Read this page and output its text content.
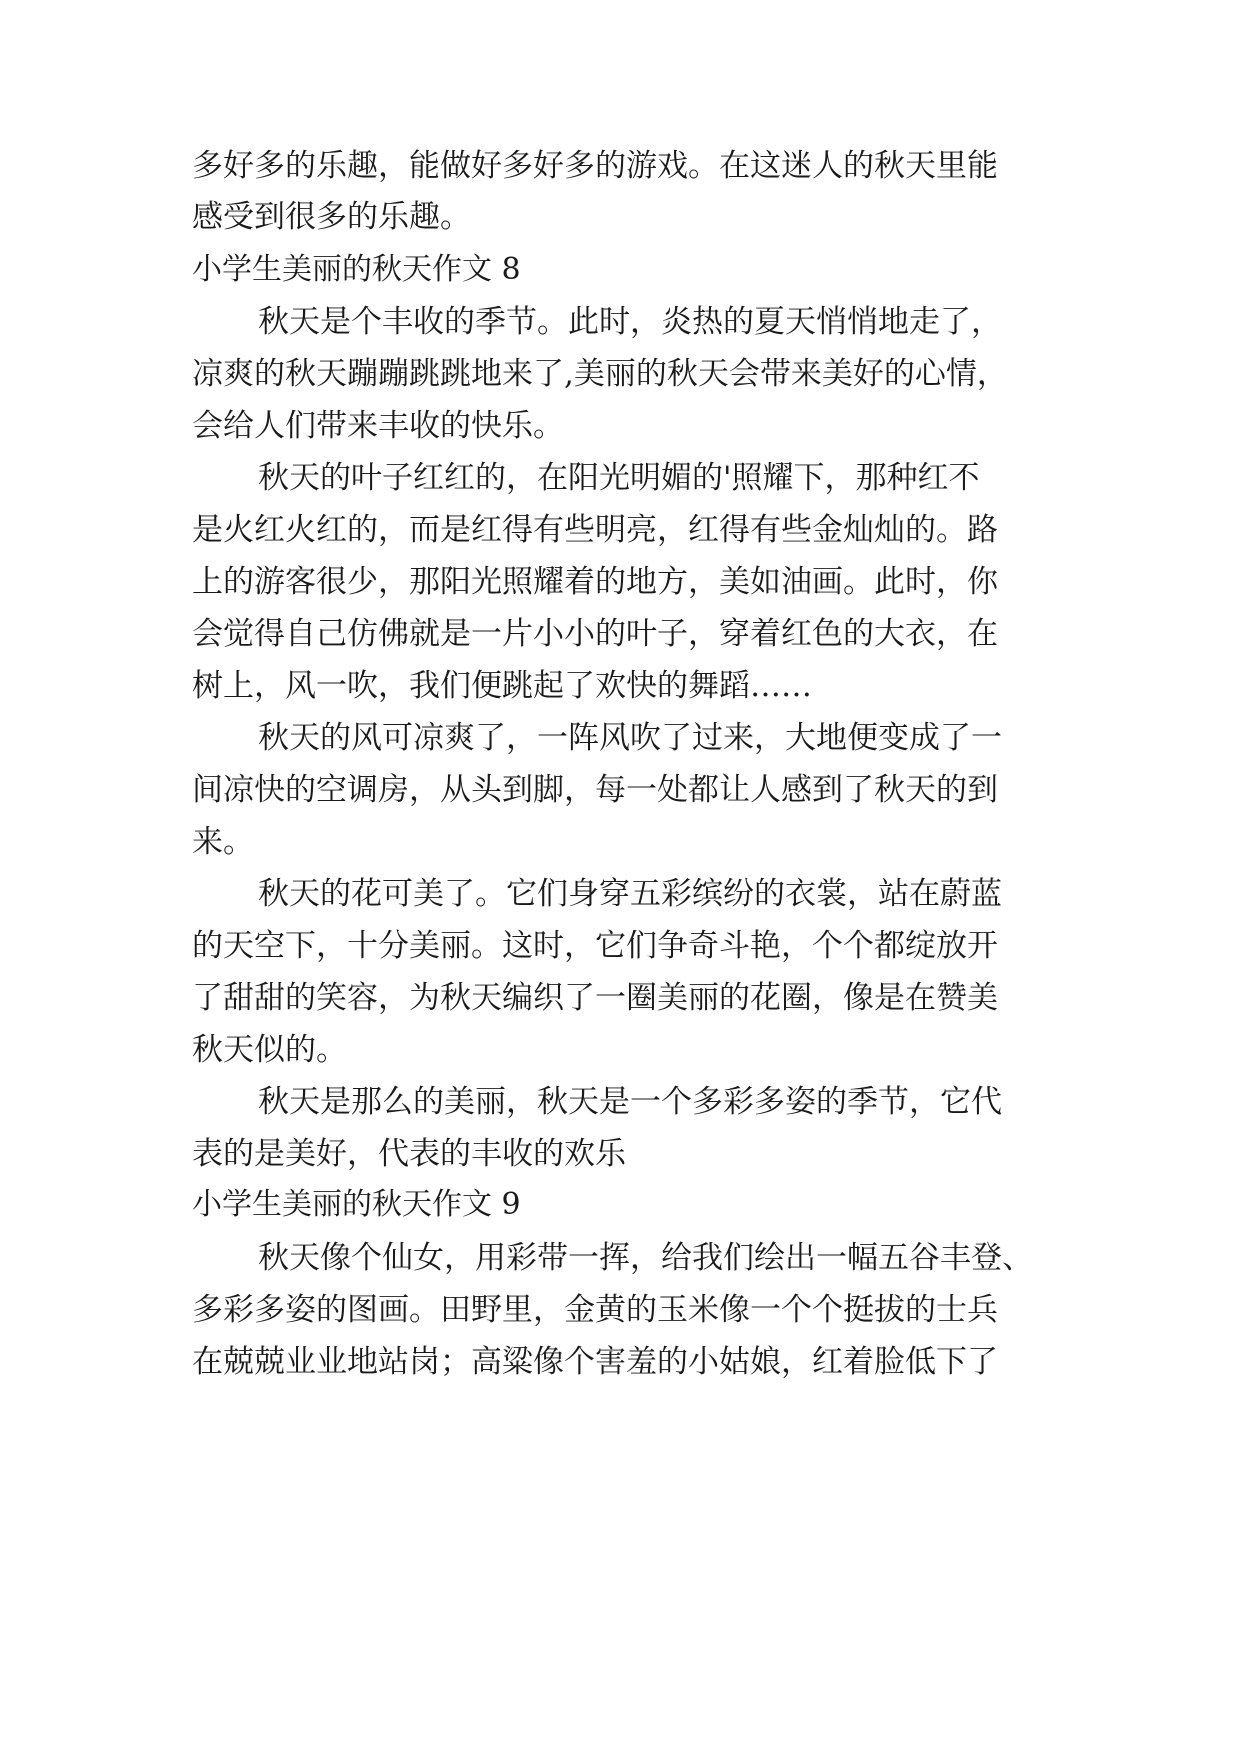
多好多的乐趣，能做好多好多的游戏。在这迷人的秋天里能
感受到很多的乐趣。
小学生美丽的秋天作文 8
秋天是个丰收的季节。此时，炎热的夏天悄悄地走了，
凉爽的秋天蹦蹦跳跳地来了,美丽的秋天会带来美好的心情，
会给人们带来丰收的快乐。
秋天的叶子红红的，在阳光明媚的'照耀下，那种红不
是火红火红的，而是红得有些明亮，红得有些金灿灿的。路
上的游客很少，那阳光照耀着的地方，美如油画。此时，你
会觉得自己仿佛就是一片小小的叶子，穿着红色的大衣，在
树上，风一吹，我们便跳起了欢快的舞蹈……
秋天的风可凉爽了，一阵风吹了过来，大地便变成了一
间凉快的空调房，从头到脚，每一处都让人感到了秋天的到
来。
秋天的花可美了。它们身穿五彩缤纷的衣裳，站在蔚蓝
的天空下，十分美丽。这时，它们争奇斗艳，个个都绽放开
了甜甜的笑容，为秋天编织了一圈美丽的花圈，像是在赞美
秋天似的。
秋天是那么的美丽，秋天是一个多彩多姿的季节，它代
表的是美好，代表的丰收的欢乐
小学生美丽的秋天作文 9
秋天像个仙女，用彩带一挥，给我们绘出一幅五谷丰登、
多彩多姿的图画。田野里，金黄的玉米像一个个挺拔的士兵
在兢兢业业地站岗；高粱像个害羞的小姑娘，红着脸低下了
